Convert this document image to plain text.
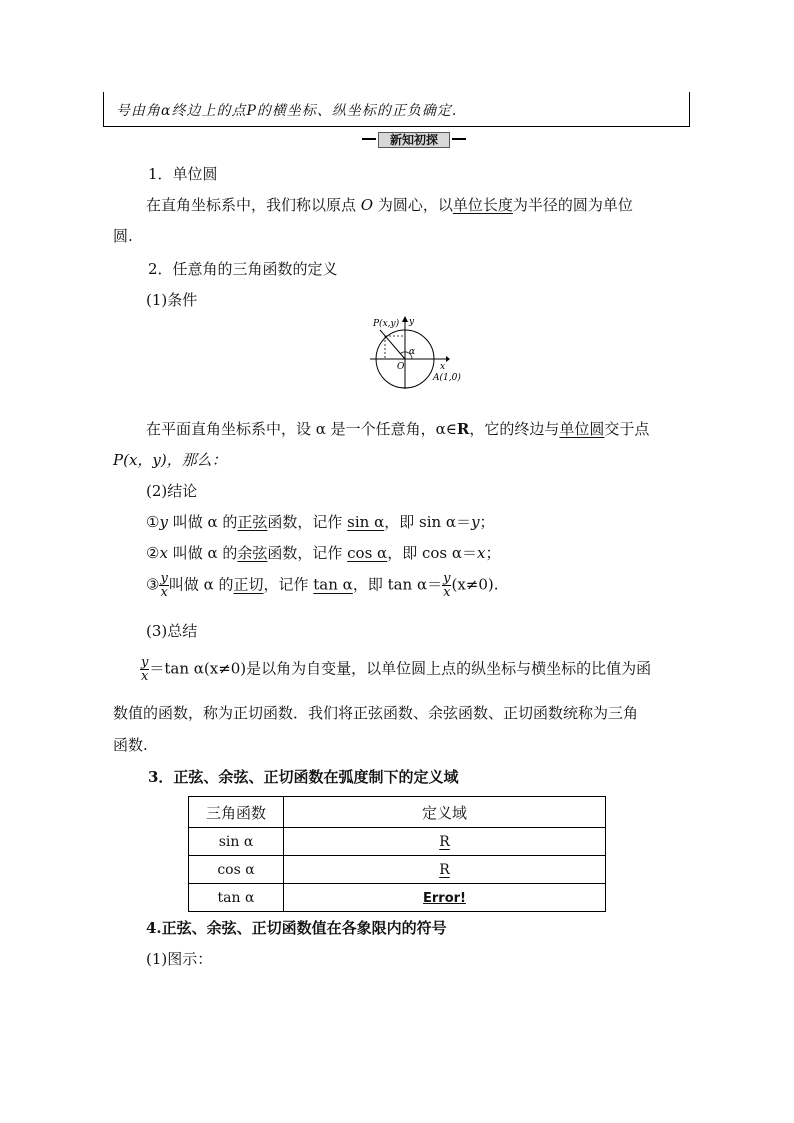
号由角α终边上的点P的横坐标、纵坐标的正负确定.
新知初探
1．单位圆
在直角坐标系中，我们称以原点 O 为圆心，以单位长度为半径的圆为单位
圆.
2．任意角的三角函数的定义
(1)条件
P(x,y) y
x
O
α
A(1,0)
在平面直角坐标系中，设 α 是一个任意角，α∈R，它的终边与单位圆交于点
P(x，y)，那么：
(2)结论
①y 叫做 α 的正弦函数，记作 sin α，即 sin α＝y；
②x 叫做 α 的余弦函数，记作 cos α，即 cos α＝x；
③ $\frac{y}{x}$ 叫做 α 的正切，记作 tan α，即 $\tan \alpha= \frac{y}{x} (x\ne 0)$.
(3)总结
$\frac{y}{x} =\tan$ α(x≠0)是以角为自变量，以单位圆上点的纵坐标与横坐标的比值为函
数值的函数，称为正切函数．我们将正弦函数、余弦函数、正切函数统称为三角
函数.
3．正弦、余弦、正切函数在弧度制下的定义域
三角函数	定义域
sin α	R
cos α	R
tan α	Error!
4.正弦、余弦、正切函数值在各象限内的符号
(1)图示：
